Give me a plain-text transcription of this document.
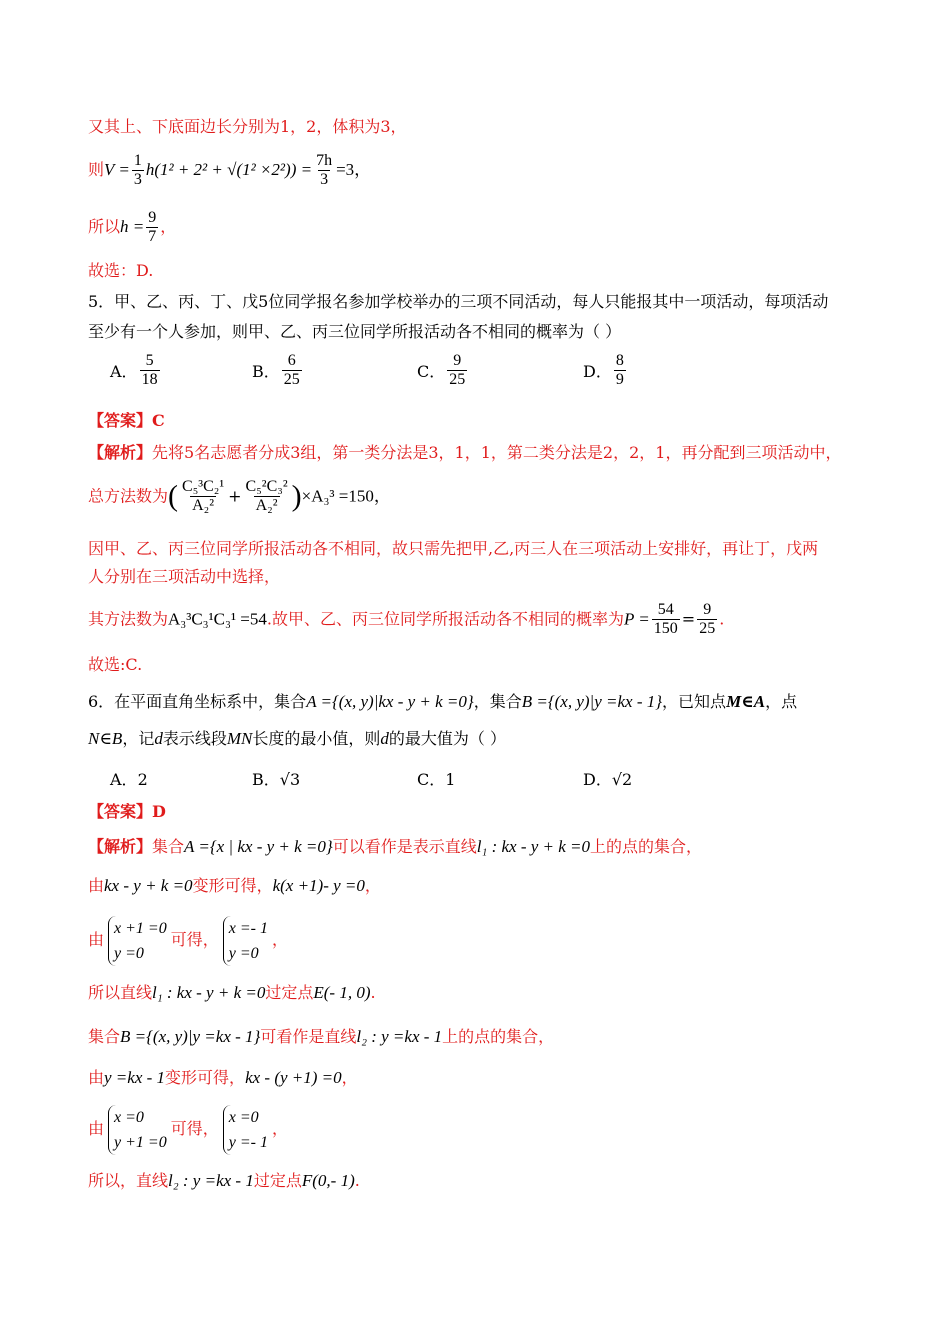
又其上、下底面边长分别为1，2，体积为3，
则$V = \frac{1}{3} h(1^2 + 2^2 + √(1^2 \times 2^2)) = \frac{7h}{3} =3$，
所以$h = \frac{9}{7}$ ，
故选：D.
5．甲、乙、丙、丁、戊5位同学报名参加学校举办的三项不同活动，每人只能报其中一项活动，每项活动
至少有一个人参加，则甲、乙、丙三位同学所报活动各不相同的概率为（ ）
A． $\frac{5}{18}$	B． $\frac{6}{25}$	C． $\frac{9}{25}$	D． $\frac{8}{9}$
【答案】C
【解析】先将5名志愿者分成3组，第一类分法是3，1，1，第二类分法是2，2，1，再分配到三项活动中，
总方法数为( $\frac{\text{C₅³C₂¹}}{\text{A₂²}} + \frac{\text{C₅²C₃²}}{\text{A₂²}} )\times A_3^3 =150$，
因甲、乙、丙三位同学所报活动各不相同，故只需先把甲,乙,丙三人在三项活动上安排好，再让丁，戊两
人分别在三项活动中选择，
其方法数为A₃³C₃¹C₃¹ =54.故甲、乙、丙三位同学所报活动各不相同的概率为$P = \frac{54}{150} = \frac{9}{25}$ .
故选:C.
6．在平面直角坐标系中，集合A ={(x, y)|kx - y + k =0}，集合B ={(x, y)|y =kx - 1}，已知点M∈A，点
N∈B，记d表示线段MN长度的最小值，则d的最大值为（ ）
A．2	B．√3	C．1	D．√2
【答案】D
【解析】集合A ={x | kx - y + k =0}可以看作是表示直线l₁ : kx - y + k =0上的点的集合，
由kx - y + k =0变形可得，k(x +1)- y =0，
由x +1 =0
y =0可得，x =- 1
y =0，
所以直线l₁ : kx - y + k =0过定点E(- 1, 0).
集合B ={(x, y)|y =kx - 1}可看作是直线l₂ : y =kx - 1上的点的集合，
由y =kx - 1变形可得，kx - (y +1) =0，
由x =0
y +1 =0可得，x =0
y =- 1，
所以，直线l₂ : y =kx - 1过定点F(0,- 1).
